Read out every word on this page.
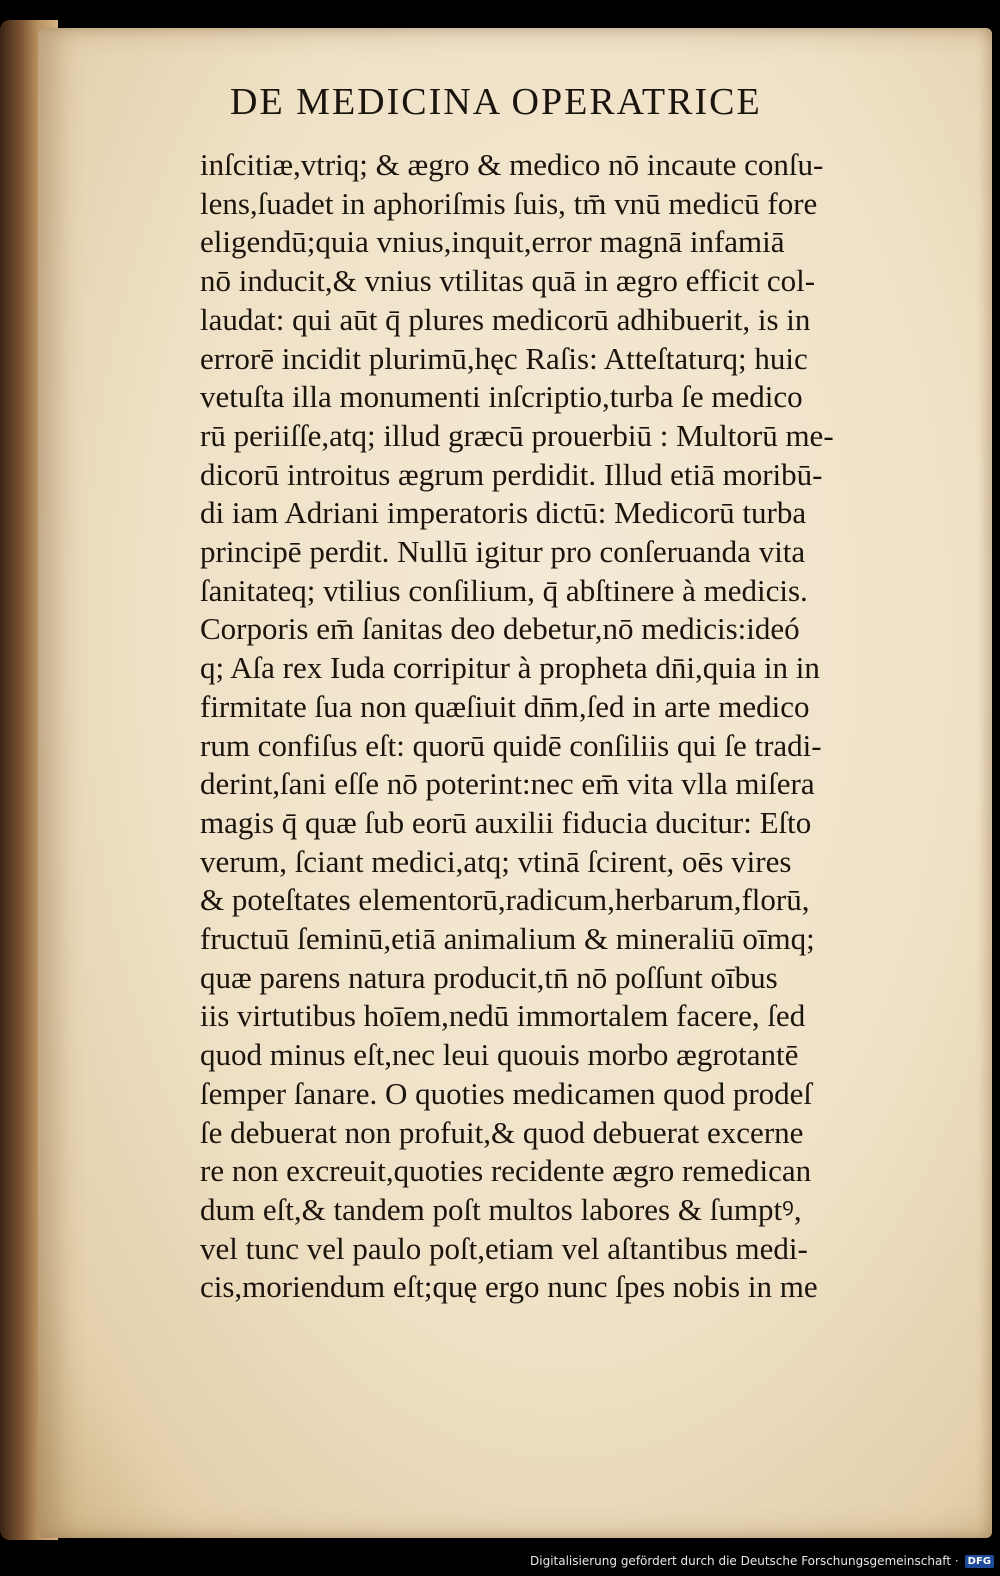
DE MEDICINA OPERATRICE
inſcitiæ,vtriq; & ægro & medico nō incaute conſu-
lens,ſuadet in aphoriſmis ſuis, tm̄ vnū medicū fore
eligendū;quia vnius,inquit,error magnā infamiā
nō inducit,& vnius vtilitas quā in ægro efficit col-
laudat: qui aūt q̄ plures medicorū adhibuerit, is in
errorē incidit plurimū,hęc Raſis: Atteſtaturq; huic
vetuſta illa monumenti inſcriptio,turba ſe medico
rū periiſſe,atq; illud græcū prouerbiū : Multorū me-
dicorū introitus ægrum perdidit. Illud etiā moribū-
di iam Adriani imperatoris dictū: Medicorū turba
principē perdit. Nullū igitur pro conſeruanda vita
ſanitateq; vtilius conſilium, q̄ abſtinere à medicis.
Corporis em̄ ſanitas deo debetur,nō medicis:ideó
q; Aſa rex Iuda corripitur à propheta dn̄i,quia in in
firmitate ſua non quæſiuit dn̄m,ſed in arte medico
rum confiſus eſt: quorū quidē conſiliis qui ſe tradi-
derint,ſani eſſe nō poterint:nec em̄ vita vlla miſera
magis q̄ quæ ſub eorū auxilii fiducia ducitur: Eſto
verum, ſciant medici,atq; vtinā ſcirent, oēs vires
& poteſtates elementorū,radicum,herbarum,florū,
fructuū ſeminū,etiā animalium & mineraliū oīmq;
quæ parens natura producit,tn̄ nō poſſunt oībus
iis virtutibus hoīem,nedū immortalem facere, ſed
quod minus eſt,nec leui quouis morbo ægrotantē
ſemper ſanare. O quoties medicamen quod prodeſ
ſe debuerat non profuit,& quod debuerat excerne
re non excreuit,quoties recidente ægro remedican
dum eſt,& tandem poſt multos labores & ſumptꝰ,
vel tunc vel paulo poſt,etiam vel aſtantibus medi-
cis,moriendum eſt;quę ergo nunc ſpes nobis in me
Digitalisierung gefördert durch die Deutsche Forschungsgemeinschaft · DFG
